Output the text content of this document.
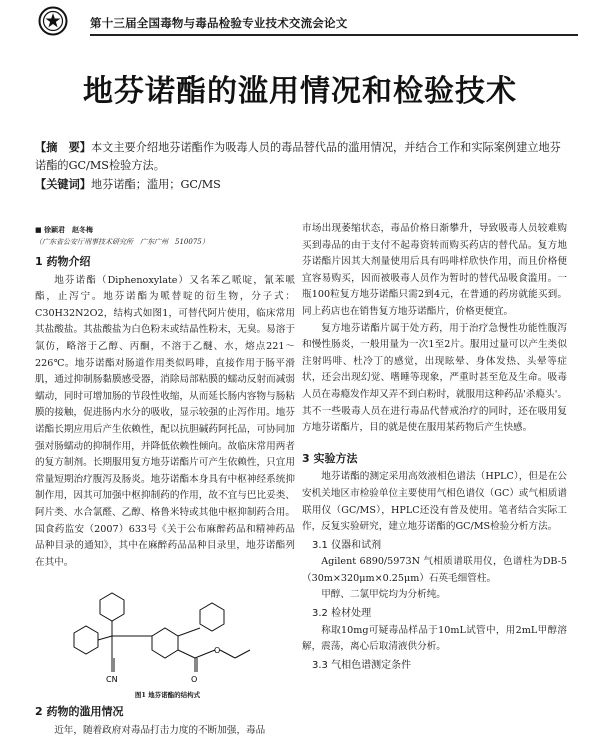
第十三届全国毒物与毒品检验专业技术交流会论文
地芬诺酯的滥用情况和检验技术

【摘　要】本文主要介绍地芬诺酯作为吸毒人员的毒品替代品的滥用情况，并结合工作和实际案例建立地芬诺酯的GC/MS检验方法。

【关键词】地芬诺酯；滥用；GC/MS

■ 徐颖君　赵冬梅
（广东省公安厅刑事技术研究所　广东广州　510075）

1 药物介绍

地芬诺酯（Diphenoxylate）又名苯乙哌啶，氰苯哌酯，止泻宁。地芬诺酯为哌替啶的衍生物，分子式：C30H32N2O2，结构式如图1，可替代阿片使用，临床常用其盐酸盐。其盐酸盐为白色粉末或结晶性粉末，无臭。易溶于氯仿，略溶于乙醇、丙酮，不溶于乙醚、水，熔点221～226℃。地芬诺酯对肠道作用类似吗啡，直接作用于肠平滑肌，通过抑制肠黏膜感受器，消除局部粘膜的蠕动反射而减弱蠕动，同时可增加肠的节段性收缩，从而延长肠内容物与肠粘膜的接触，促进肠内水分的吸收，显示较强的止泻作用。地芬诺酯长期应用后产生依赖性，配以抗胆碱药阿托品，可协同加强对肠蠕动的抑制作用，并降低依赖性倾向。故临床常用两者的复方制剂。长期服用复方地芬诺酯片可产生依赖性，只宜用常量短期治疗腹泻及肠炎。地芬诺酯本身具有中枢神经系统抑制作用，因其可加强中枢抑制药的作用，故不宜与巴比妥类、阿片类、水合氯醛、乙醇、格鲁米特或其他中枢抑制药合用。国食药监安（2007）633号《关于公布麻醉药品和精神药品品种目录的通知》，其中在麻醉药品品种目录里，地芬诺酯列在其中。

CN	O
O
图1 地芬诺酯的结构式

2 药物的滥用情况

近年，随着政府对毒品打击力度的不断加强，毒品

市场出现萎缩状态，毒品价格日渐攀升，导致吸毒人员较难购买到毒品的由于支付不起毒资转而购买药店的替代品。复方地芬诺酯片因其大剂量使用后具有吗啡样欣快作用，而且价格便宜容易购买，因而被吸毒人员作为暂时的替代品吸食滥用。一瓶100粒复方地芬诺酯只需2到4元，在普通的药房就能买到。同上药店也在销售复方地芬诺酯片，价格更便宜。

复方地芬诺酯片属于处方药，用于治疗急慢性功能性腹泻和慢性肠炎，一般用量为一次1至2片。服用过量可以产生类似注射吗啡、杜冷丁的感觉，出现眩晕、身体发热、头晕等症状，还会出现幻觉、嗜睡等现象，严重时甚至危及生命。吸毒人员在毒瘾发作却又弄不到白粉时，就服用这种药品'杀瘾头'。其不一些吸毒人员在进行毒品代替戒治疗的同时，还在吸用复方地芬诺酯片，目的就是使在服用某药物后产生快感。

3 实验方法

地芬诺酯的测定采用高效液相色谱法（HPLC），但是在公安机关地区市检验单位主要使用气相色谱仪（GC）或气相质谱联用仪（GC/MS），HPLC还没有普及使用。笔者结合实际工作，反复实验研究，建立地芬诺酯的GC/MS检验分析方法。

3.1 仪器和试剂

Agilent 6890/5973N 气相质谱联用仪，色谱柱为DB-5（30m×320μm×0.25μm）石英毛细管柱。

甲醇、二氯甲烷均为分析纯。

3.2 检材处理

称取10mg可疑毒品样品于10mL试管中，用2mL甲醇溶解，震荡，离心后取清液供分析。

3.3 气相色谱测定条件
